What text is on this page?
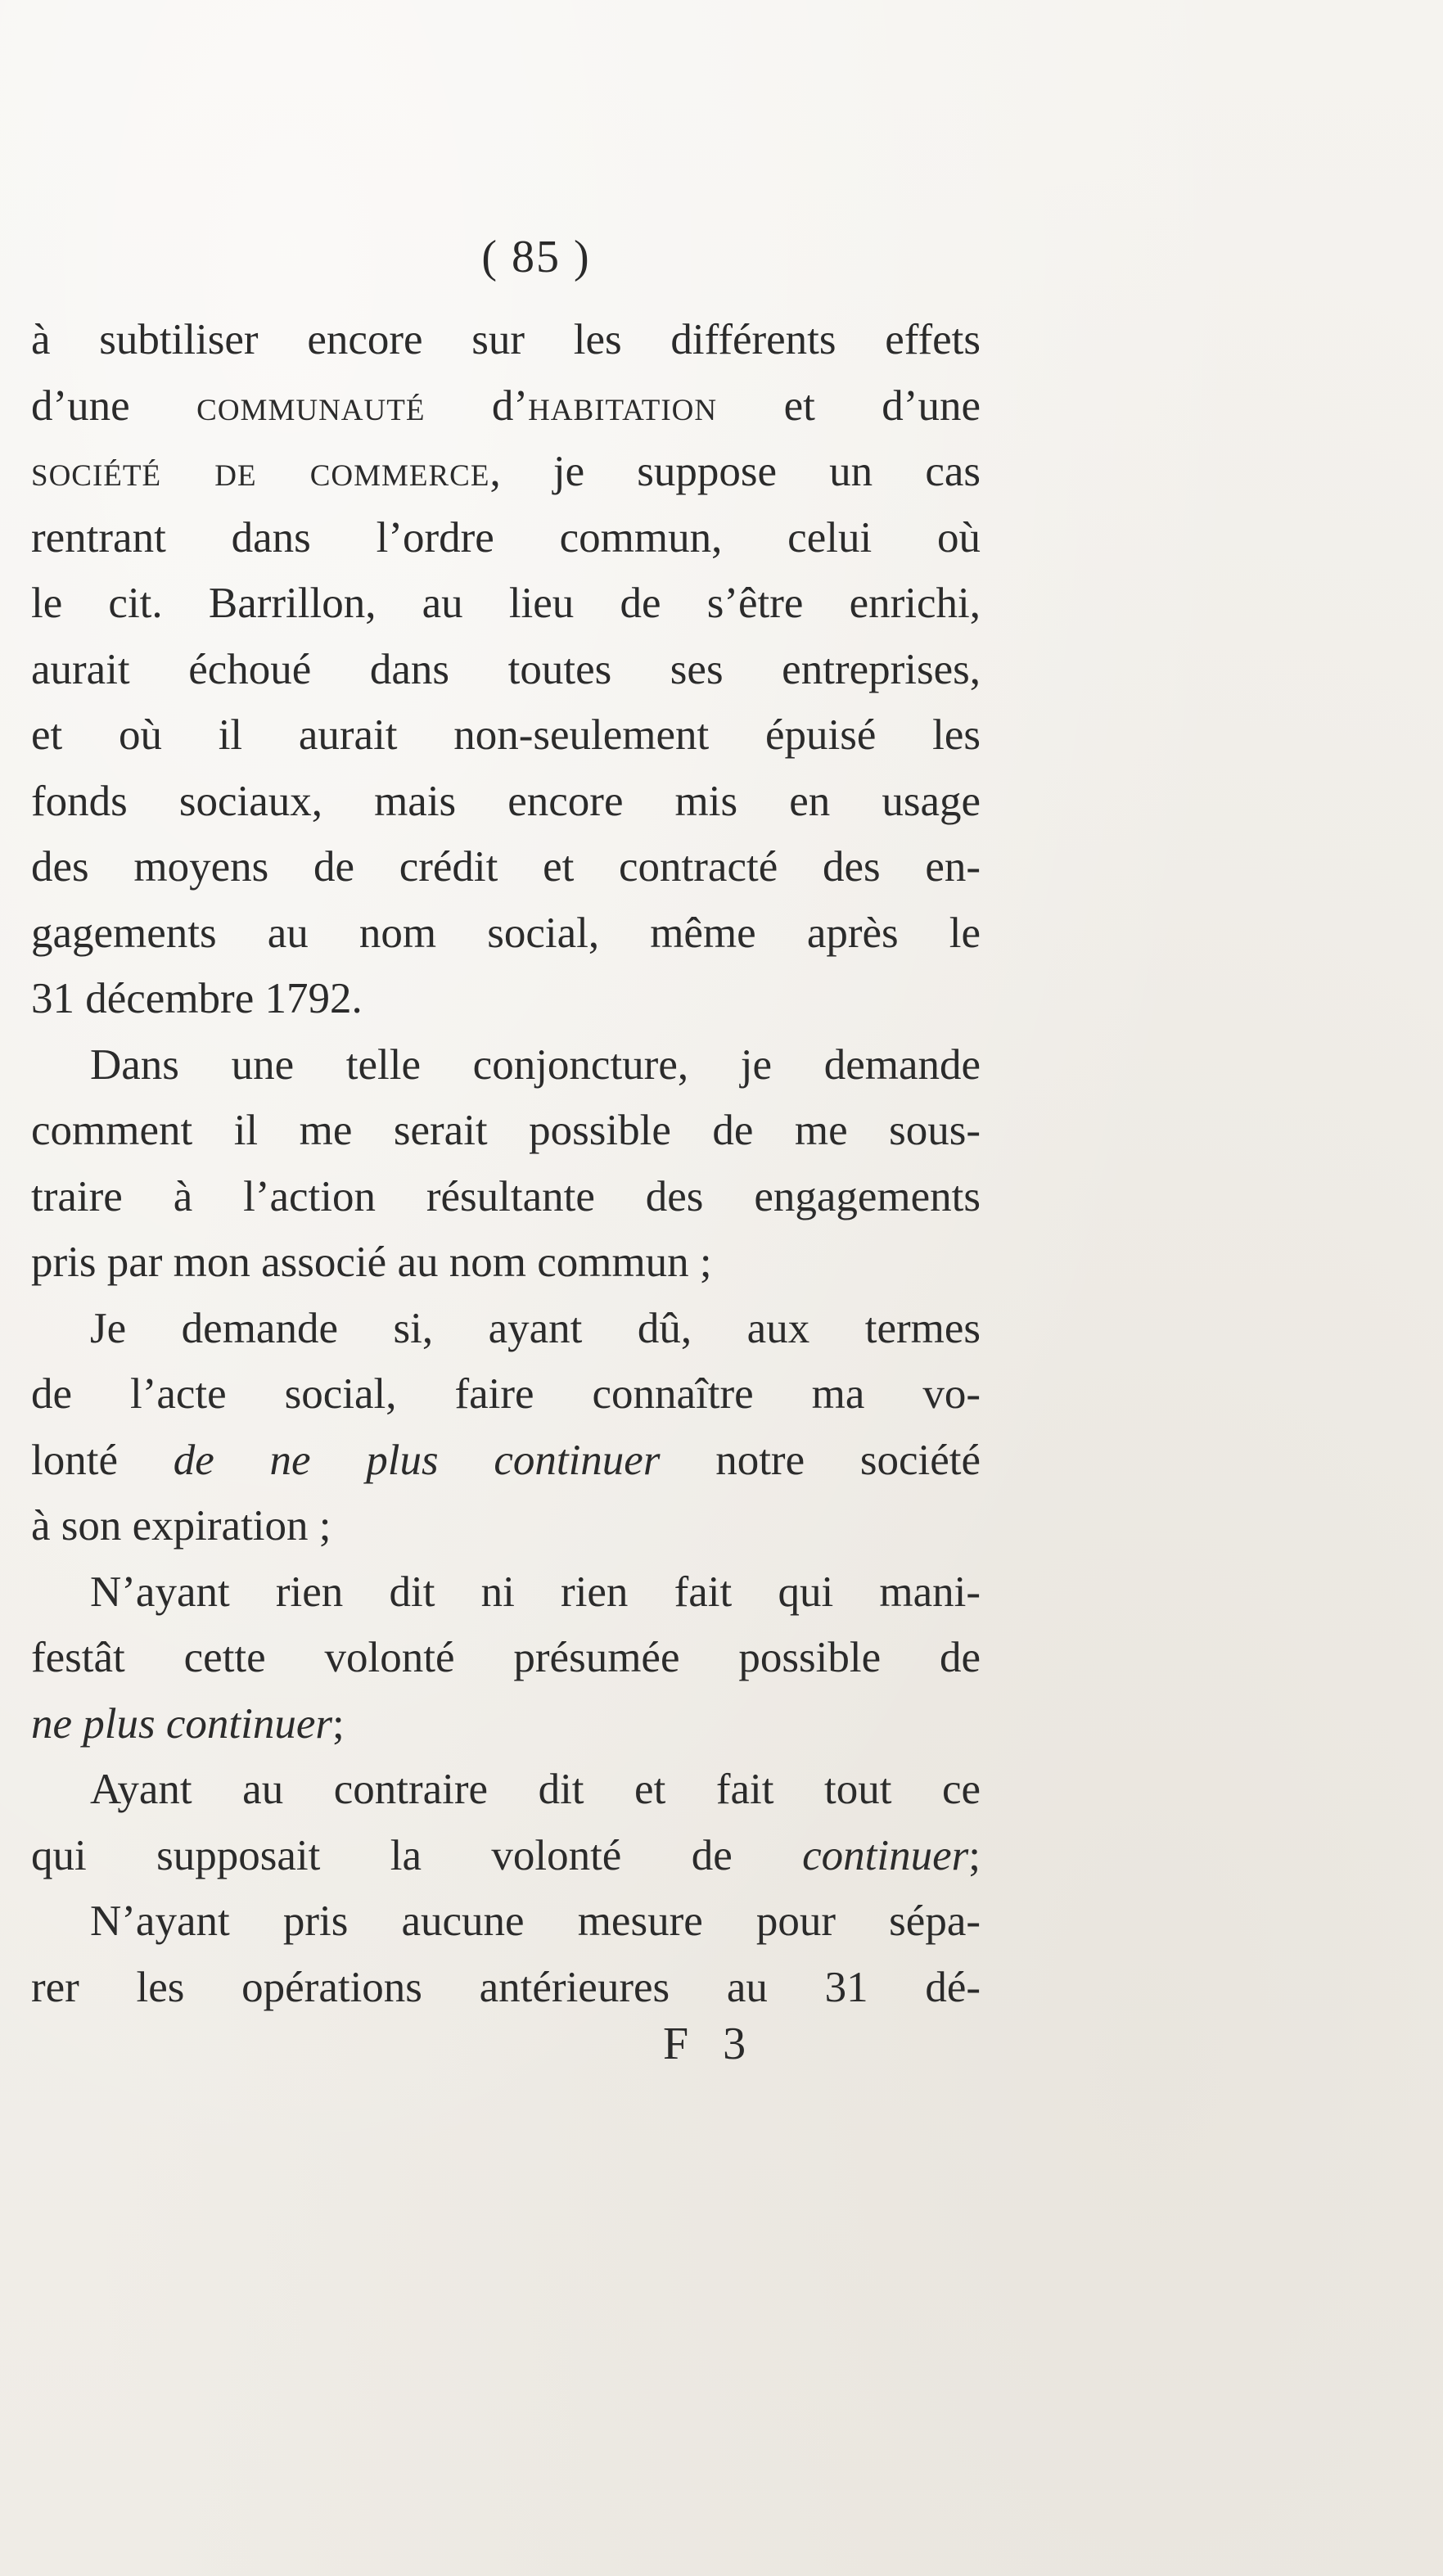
( 85 )
à subtiliser encore sur les différents effets
d’une communauté d’habitation et d’une
société de commerce, je suppose un cas
rentrant dans l’ordre commun, celui où
le cit. Barrillon, au lieu de s’être enrichi,
aurait échoué dans toutes ses entreprises,
et où il aurait non-seulement épuisé les
fonds sociaux, mais encore mis en usage
des moyens de crédit et contracté des en-
gagements au nom social, même après le
31 décembre 1792.
Dans une telle conjoncture, je demande
comment il me serait possible de me sous-
traire à l’action résultante des engagements
pris par mon associé au nom commun ;
Je demande si, ayant dû, aux termes
de l’acte social, faire connaître ma vo-
lonté de ne plus continuer notre société
à son expiration ;
N’ayant rien dit ni rien fait qui mani-
festât cette volonté présumée possible de
ne plus continuer;
Ayant au contraire dit et fait tout ce
qui supposait la volonté de continuer;
N’ayant pris aucune mesure pour sépa-
rer les opérations antérieures au 31 dé-
F 3
